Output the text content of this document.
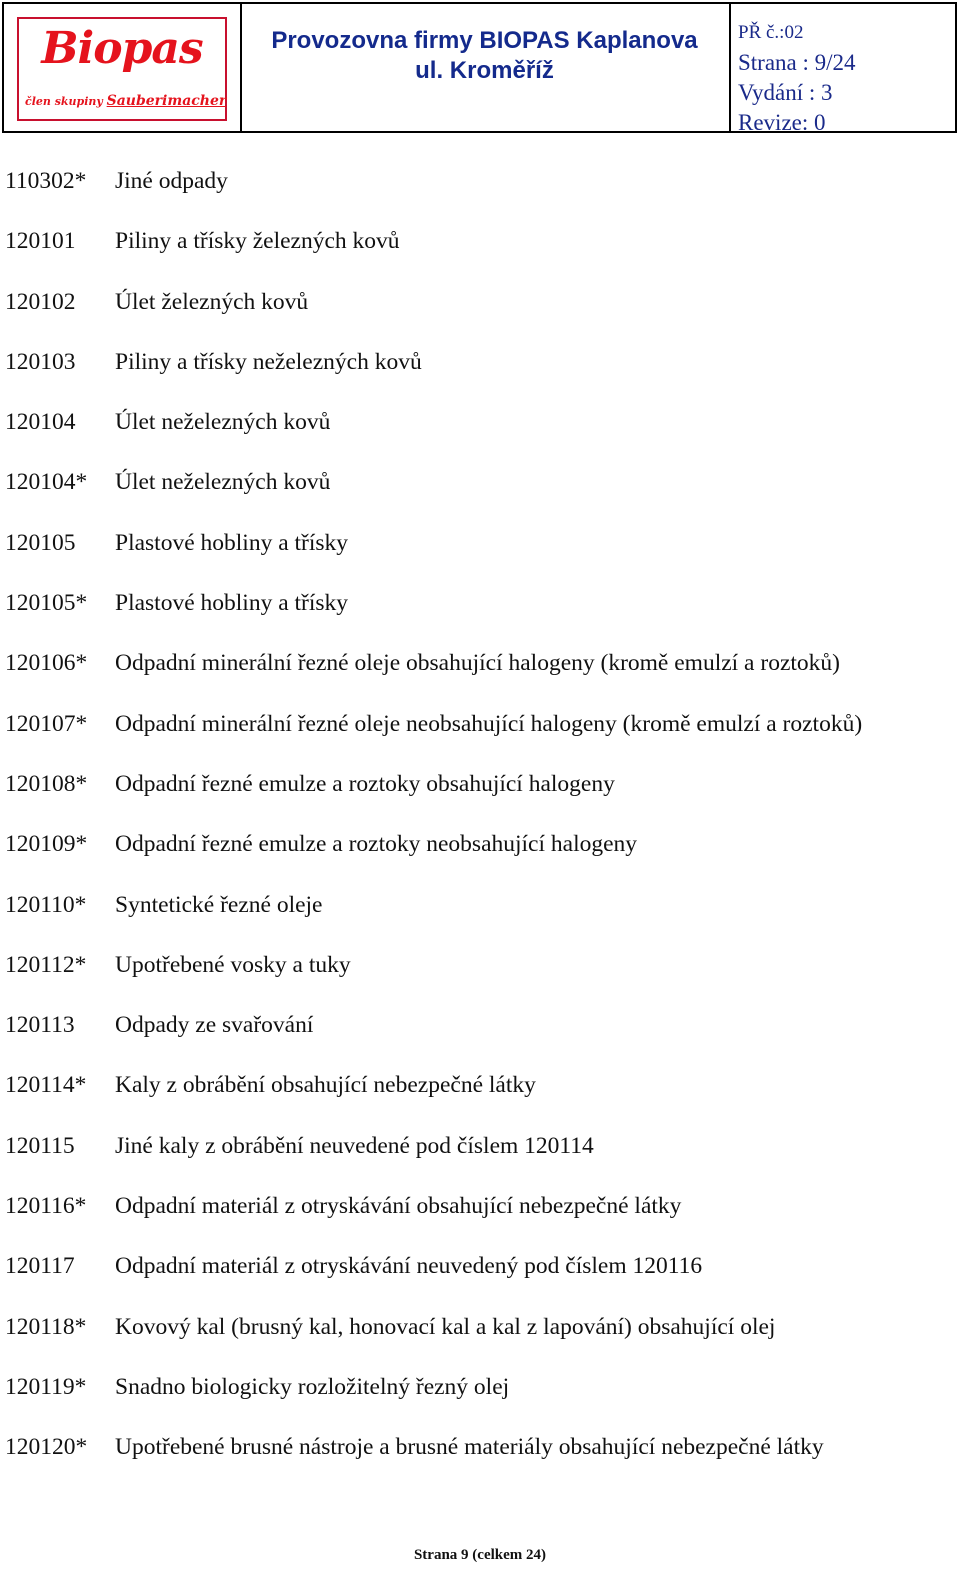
Biopas
člen skupiny Sauberimacher
Provozovna firmy BIOPAS Kaplanova
ul. Kroměříž
PŘ č.:02
Strana : 9/24
Vydání : 3
Revize: 0
110302* Jiné odpady
120101 Piliny a třísky železných kovů
120102 Úlet železných kovů
120103 Piliny a třísky neželezných kovů
120104 Úlet neželezných kovů
120104* Úlet neželezných kovů
120105 Plastové hobliny a třísky
120105* Plastové hobliny a třísky
120106* Odpadní minerální řezné oleje obsahující halogeny (kromě emulzí a roztoků)
120107* Odpadní minerální řezné oleje neobsahující halogeny (kromě emulzí a roztoků)
120108* Odpadní řezné emulze a roztoky obsahující halogeny
120109* Odpadní řezné emulze a roztoky neobsahující halogeny
120110* Syntetické řezné oleje
120112* Upotřebené vosky a tuky
120113 Odpady ze svařování
120114* Kaly z obrábění obsahující nebezpečné látky
120115 Jiné kaly z obrábění neuvedené pod číslem 120114
120116* Odpadní materiál z otryskávání obsahující nebezpečné látky
120117 Odpadní materiál z otryskávání neuvedený pod číslem 120116
120118* Kovový kal (brusný kal, honovací kal a kal z lapování) obsahující olej
120119* Snadno biologicky rozložitelný řezný olej
120120* Upotřebené brusné nástroje a brusné materiály obsahující nebezpečné látky
Strana 9 (celkem 24)
